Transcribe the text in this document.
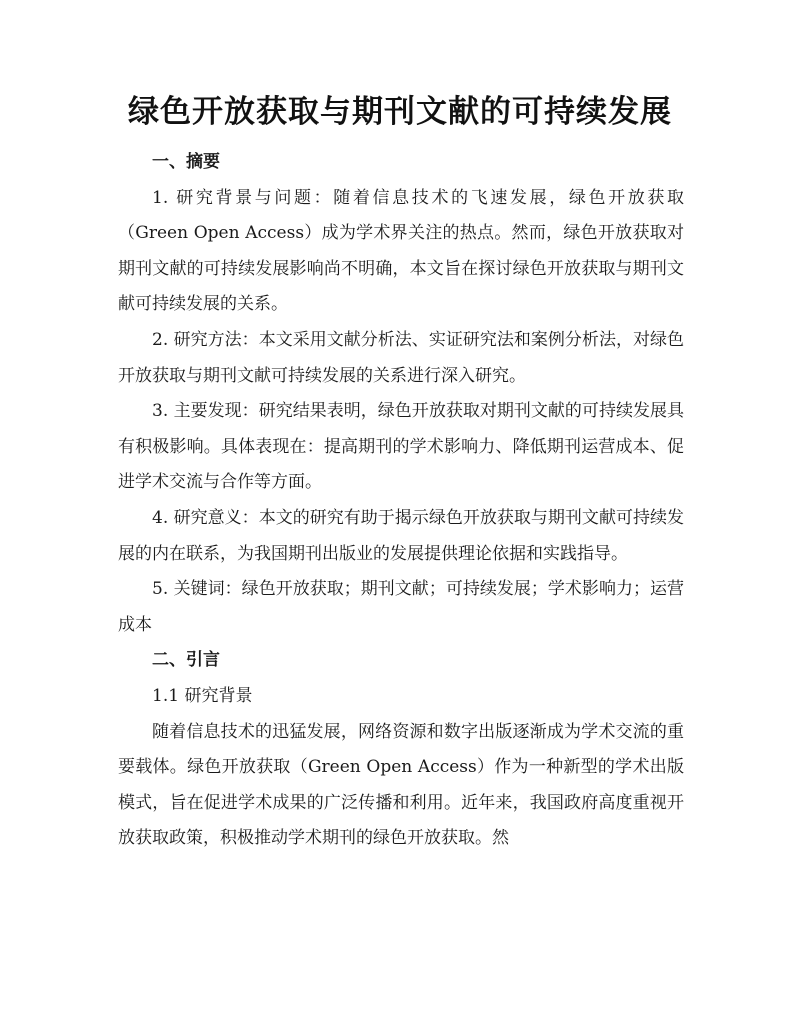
绿色开放获取与期刊文献的可持续发展
一、摘要

1. 研究背景与问题：随着信息技术的飞速发展，绿色开放获取（Green Open Access）成为学术界关注的热点。然而，绿色开放获取对期刊文献的可持续发展影响尚不明确，本文旨在探讨绿色开放获取与期刊文献可持续发展的关系。

2. 研究方法：本文采用文献分析法、实证研究法和案例分析法，对绿色开放获取与期刊文献可持续发展的关系进行深入研究。

3. 主要发现：研究结果表明，绿色开放获取对期刊文献的可持续发展具有积极影响。具体表现在：提高期刊的学术影响力、降低期刊运营成本、促进学术交流与合作等方面。

4. 研究意义：本文的研究有助于揭示绿色开放获取与期刊文献可持续发展的内在联系，为我国期刊出版业的发展提供理论依据和实践指导。

5. 关键词：绿色开放获取；期刊文献；可持续发展；学术影响力；运营成本

二、引言
1.1 研究背景

随着信息技术的迅猛发展，网络资源和数字出版逐渐成为学术交流的重要载体。绿色开放获取（Green Open Access）作为一种新型的学术出版模式，旨在促进学术成果的广泛传播和利用。近年来，我国政府高度重视开放获取政策，积极推动学术期刊的绿色开放获取。然
